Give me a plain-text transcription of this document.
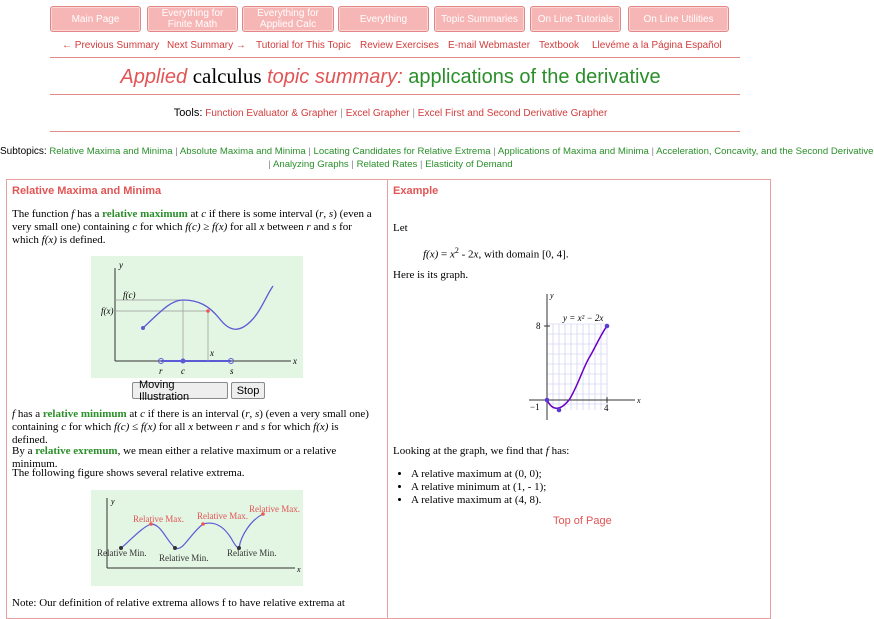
Main Page	Everything for Finite Math
Everything for Applied Calc	Everything	Topic Summaries	On Line Tutorials	On Line Utilities
← Previous Summary Next Summary → Tutorial for This Topic Review Exercises E-mail Webmaster Textbook Llevéme a la Página Español
Applied calculus topic summary: applications of the derivative
Tools: Function Evaluator & Grapher | Excel Grapher | Excel First and Second Derivative Grapher
Subtopics: Relative Maxima and Minima | Absolute Maxima and Minima | Locating Candidates for Relative Extrema | Applications of Maxima and Minima | Acceleration, Concavity, and the Second Derivative
| Analyzing Graphs | Related Rates | Elasticity of Demand
Relative Maxima and Minima
The function f has a relative maximum at c if there is some interval (r, s) (even a very small one) containing c for which f(c) ≥ f(x) for all x between r and s for which f(x) is defined.
y
x
f(c)
f(x)
r c	s
x
Moving Illustration	Stop
f has a relative minimum at c if there is an interval (r, s) (even a very small one) containing c for which f(c) ≤ f(x) for all x between r and s for which f(x) is defined.
By a relative exremum, we mean either a relative maximum or a relative minimum.
The following figure shows several relative extrema.
y
x
Relative Max. Relative Max.
Relative Max.
Relative Min. Relative Min. Relative Min.
Note: Our definition of relative extrema allows f to have relative extrema at
Example
Let
$f(x) = x^2 - 2x$, with domain [0, 4].
Here is its graph.
y
x
y = x² − 2x
8
−1	4
Looking at the graph, we find that f has:
• A relative maximum at (0, 0);
• A relative minimum at (1, - 1);
• A relative maximum at (4, 8).
Top of Page
